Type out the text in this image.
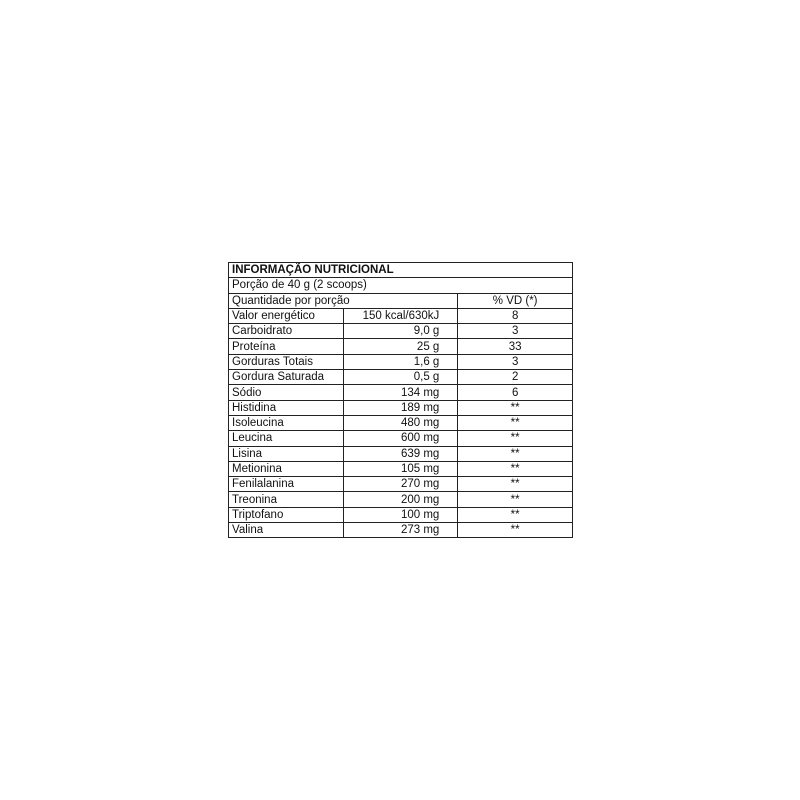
INFORMAÇÃO NUTRICIONAL		
Porção de 40 g (2 scoops)		
Quantidade por porção		% VD (*)
Valor energético	150 kcal/630kJ	8
Carboidrato	9,0 g	3
Proteína	25 g	33
Gorduras Totais	1,6 g	3
Gordura Saturada	0,5 g	2
Sódio	134 mg	6
Histidina	189 mg	**
Isoleucina	480 mg	**
Leucina	600 mg	**
Lisina	639 mg	**
Metionina	105 mg	**
Fenilalanina	270 mg	**
Treonina	200 mg	**
Triptofano	100 mg	**
Valina	273 mg	**
